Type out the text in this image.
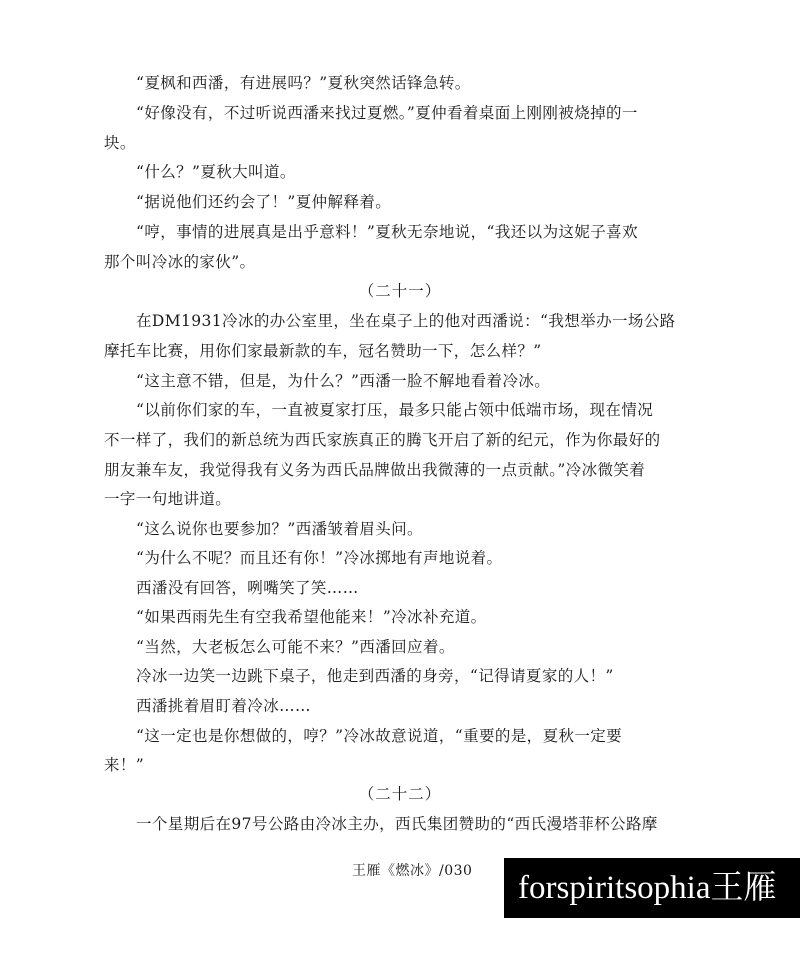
“夏枫和西潘，有进展吗？”夏秋突然话锋急转。
“好像没有，不过听说西潘来找过夏燃。”夏仲看着桌面上刚刚被烧掉的一
块。
“什么？”夏秋大叫道。
“据说他们还约会了！”夏仲解释着。
“哼，事情的进展真是出乎意料！”夏秋无奈地说，“我还以为这妮子喜欢
那个叫冷冰的家伙”。
（二十一）
在DM1931冷冰的办公室里，坐在桌子上的他对西潘说：“我想举办一场公路
摩托车比赛，用你们家最新款的车，冠名赞助一下，怎么样？”
“这主意不错，但是，为什么？”西潘一脸不解地看着冷冰。
“以前你们家的车，一直被夏家打压，最多只能占领中低端市场，现在情况
不一样了，我们的新总统为西氏家族真正的腾飞开启了新的纪元，作为你最好的
朋友兼车友，我觉得我有义务为西氏品牌做出我微薄的一点贡献。”冷冰微笑着
一字一句地讲道。
“这么说你也要参加？”西潘皱着眉头问。
“为什么不呢？而且还有你！”冷冰掷地有声地说着。
西潘没有回答，咧嘴笑了笑……
“如果西雨先生有空我希望他能来！”冷冰补充道。
“当然，大老板怎么可能不来？”西潘回应着。
冷冰一边笑一边跳下桌子，他走到西潘的身旁，“记得请夏家的人！”
西潘挑着眉盯着冷冰……
“这一定也是你想做的，哼？”冷冰故意说道，“重要的是，夏秋一定要
来！”
（二十二）
一个星期后在97号公路由冷冰主办，西氏集团赞助的“西氏漫塔菲杯公路摩
王雁《燃冰》/030	forspiritsophia王雁
